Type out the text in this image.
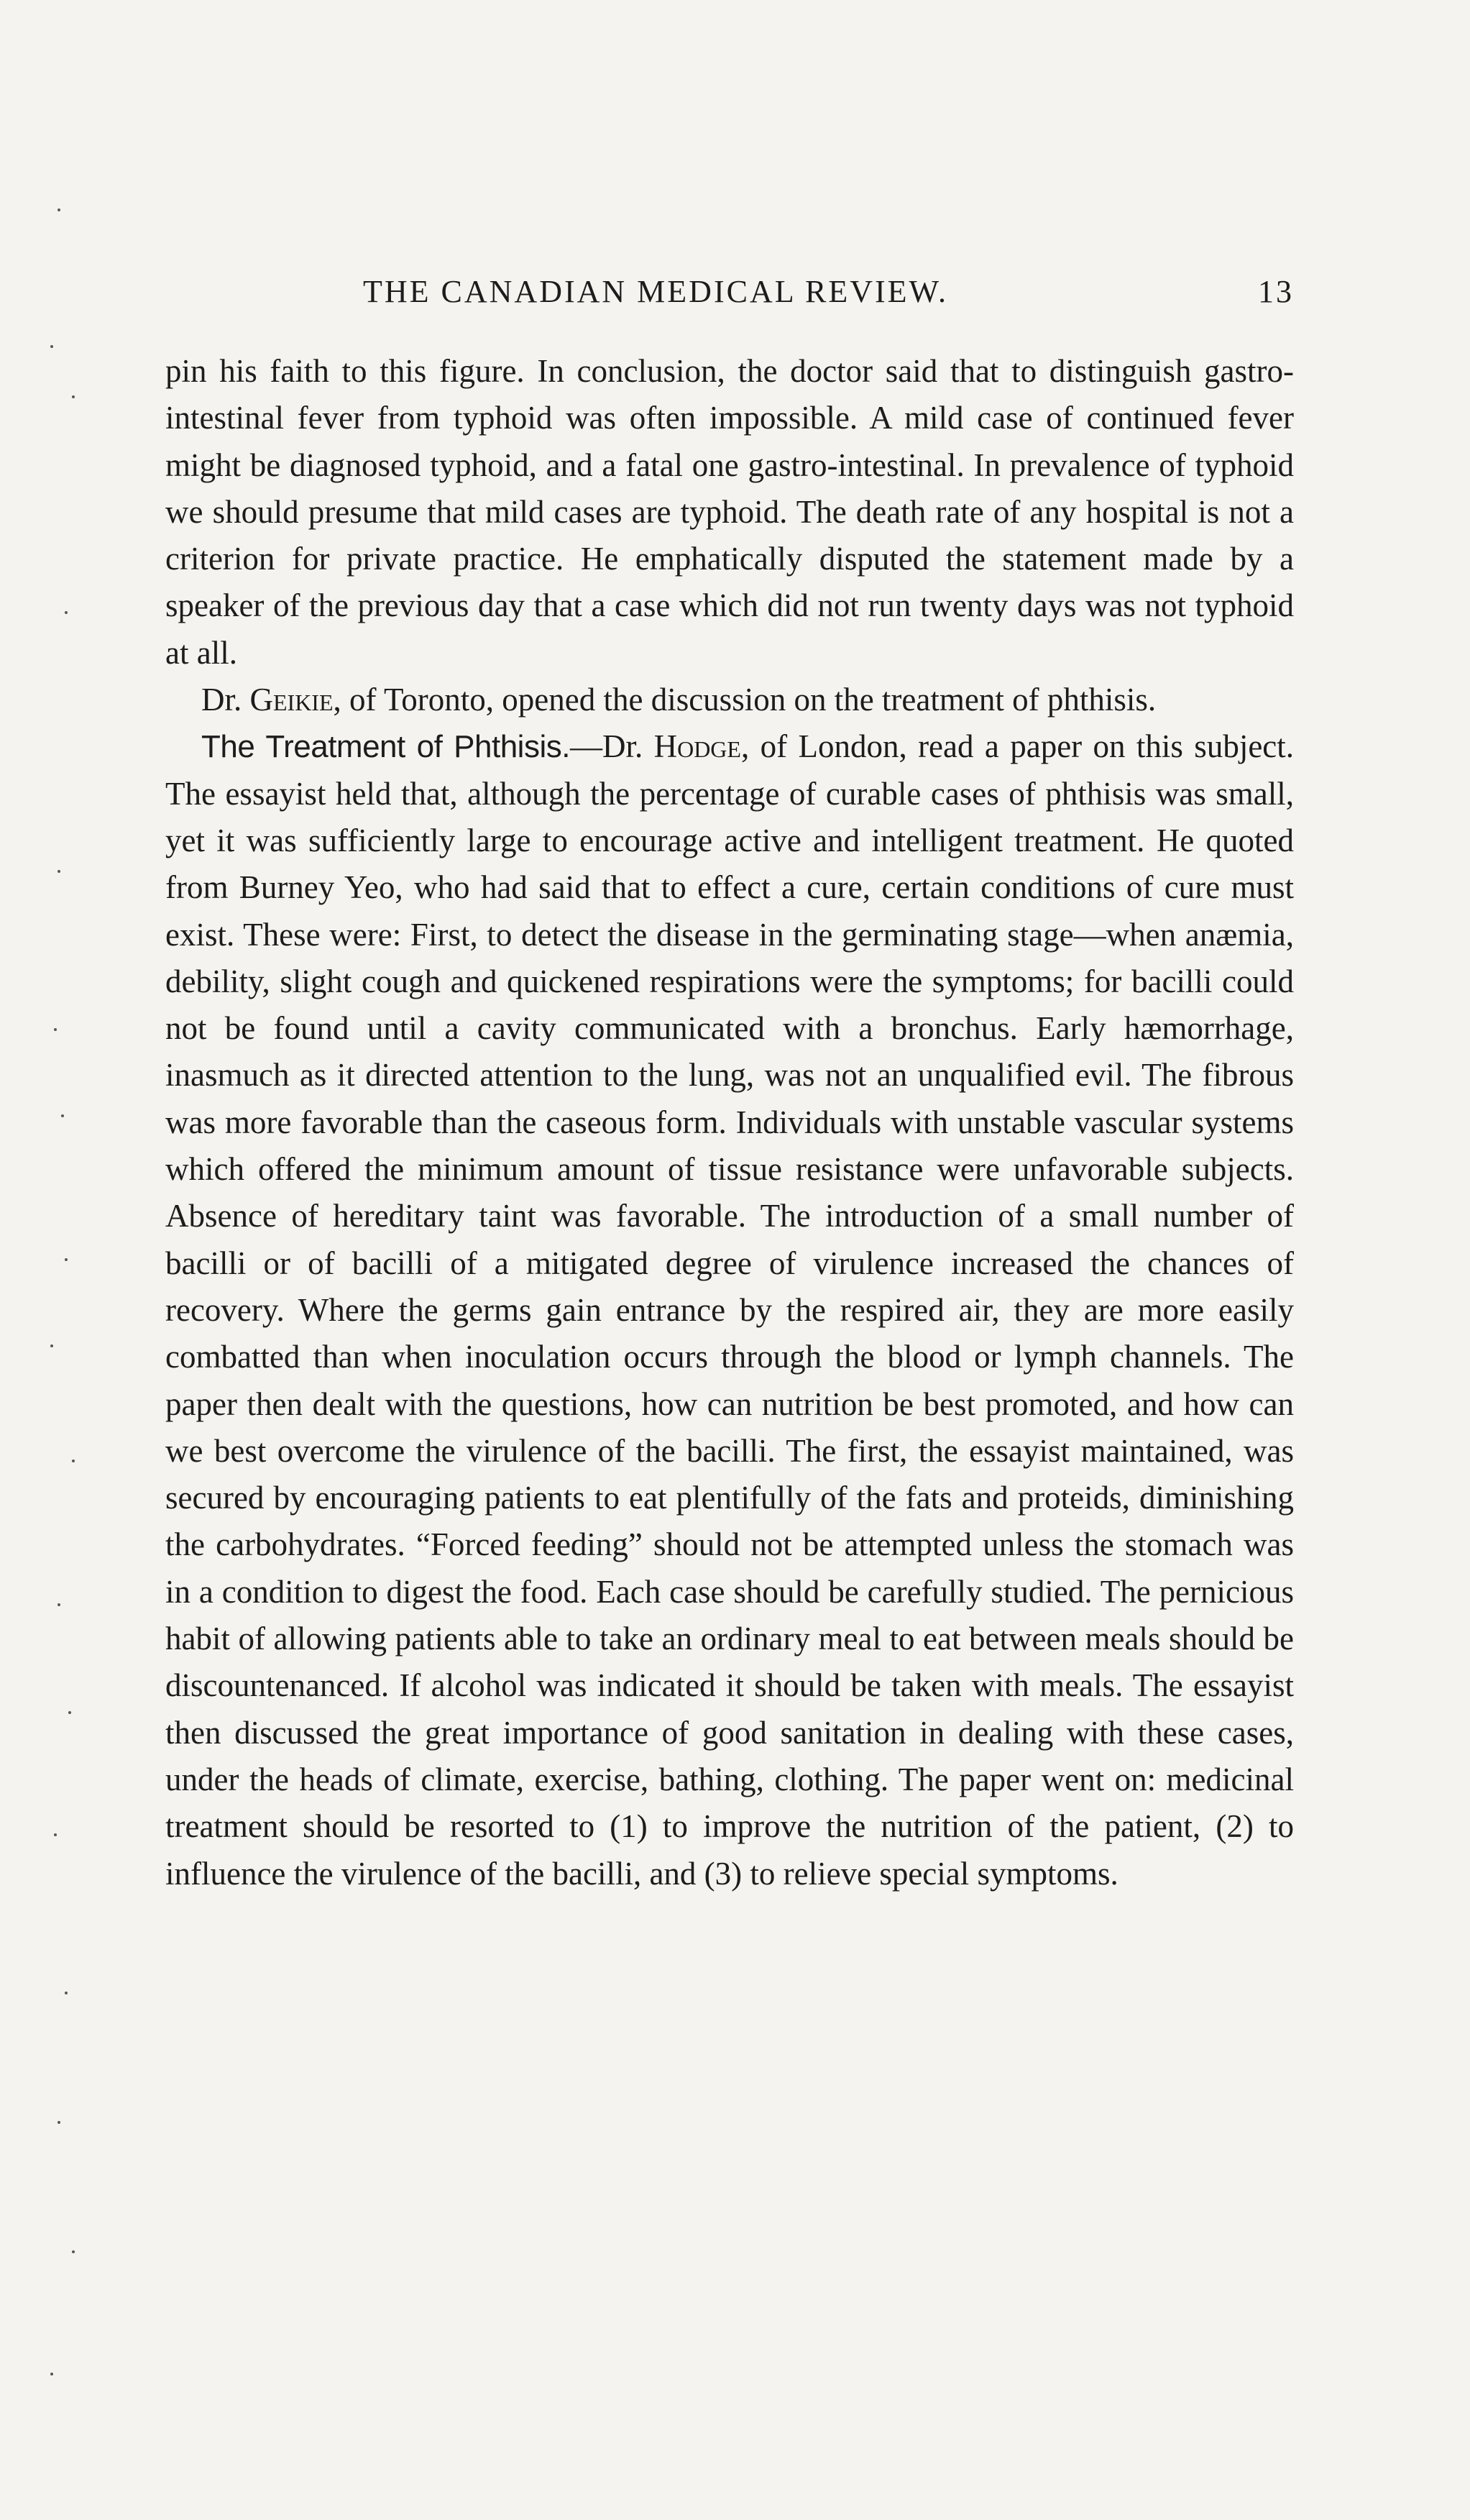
THE CANADIAN MEDICAL REVIEW.	13

pin his faith to this figure. In conclusion, the doctor said that to distinguish gastro-intestinal fever from typhoid was often impossible. A mild case of continued fever might be diagnosed typhoid, and a fatal one gastro-intestinal. In prevalence of typhoid we should presume that mild cases are typhoid. The death rate of any hospital is not a criterion for private practice. He emphatically disputed the statement made by a speaker of the previous day that a case which did not run twenty days was not typhoid at all.

Dr. Geikie, of Toronto, opened the discussion on the treatment of phthisis.

The Treatment of Phthisis.—Dr. Hodge, of London, read a paper on this subject. The essayist held that, although the percentage of curable cases of phthisis was small, yet it was sufficiently large to encourage active and intelligent treatment. He quoted from Burney Yeo, who had said that to effect a cure, certain conditions of cure must exist. These were: First, to detect the disease in the germinating stage—when anæmia, debility, slight cough and quickened respirations were the symptoms; for bacilli could not be found until a cavity communicated with a bronchus. Early hæmorrhage, inasmuch as it directed attention to the lung, was not an unqualified evil. The fibrous was more favorable than the caseous form. Individuals with unstable vascular systems which offered the minimum amount of tissue resistance were unfavorable subjects. Absence of hereditary taint was favorable. The introduction of a small number of bacilli or of bacilli of a mitigated degree of virulence increased the chances of recovery. Where the germs gain entrance by the respired air, they are more easily combatted than when inoculation occurs through the blood or lymph channels. The paper then dealt with the questions, how can nutrition be best promoted, and how can we best overcome the virulence of the bacilli. The first, the essayist maintained, was secured by encouraging patients to eat plentifully of the fats and proteids, diminishing the carbohydrates. “Forced feeding” should not be attempted unless the stomach was in a condition to digest the food. Each case should be carefully studied. The pernicious habit of allowing patients able to take an ordinary meal to eat between meals should be discountenanced. If alcohol was indicated it should be taken with meals. The essayist then discussed the great importance of good sanitation in dealing with these cases, under the heads of climate, exercise, bathing, clothing. The paper went on: medicinal treatment should be resorted to (1) to improve the nutrition of the patient, (2) to influence the virulence of the bacilli, and (3) to relieve special symptoms.
